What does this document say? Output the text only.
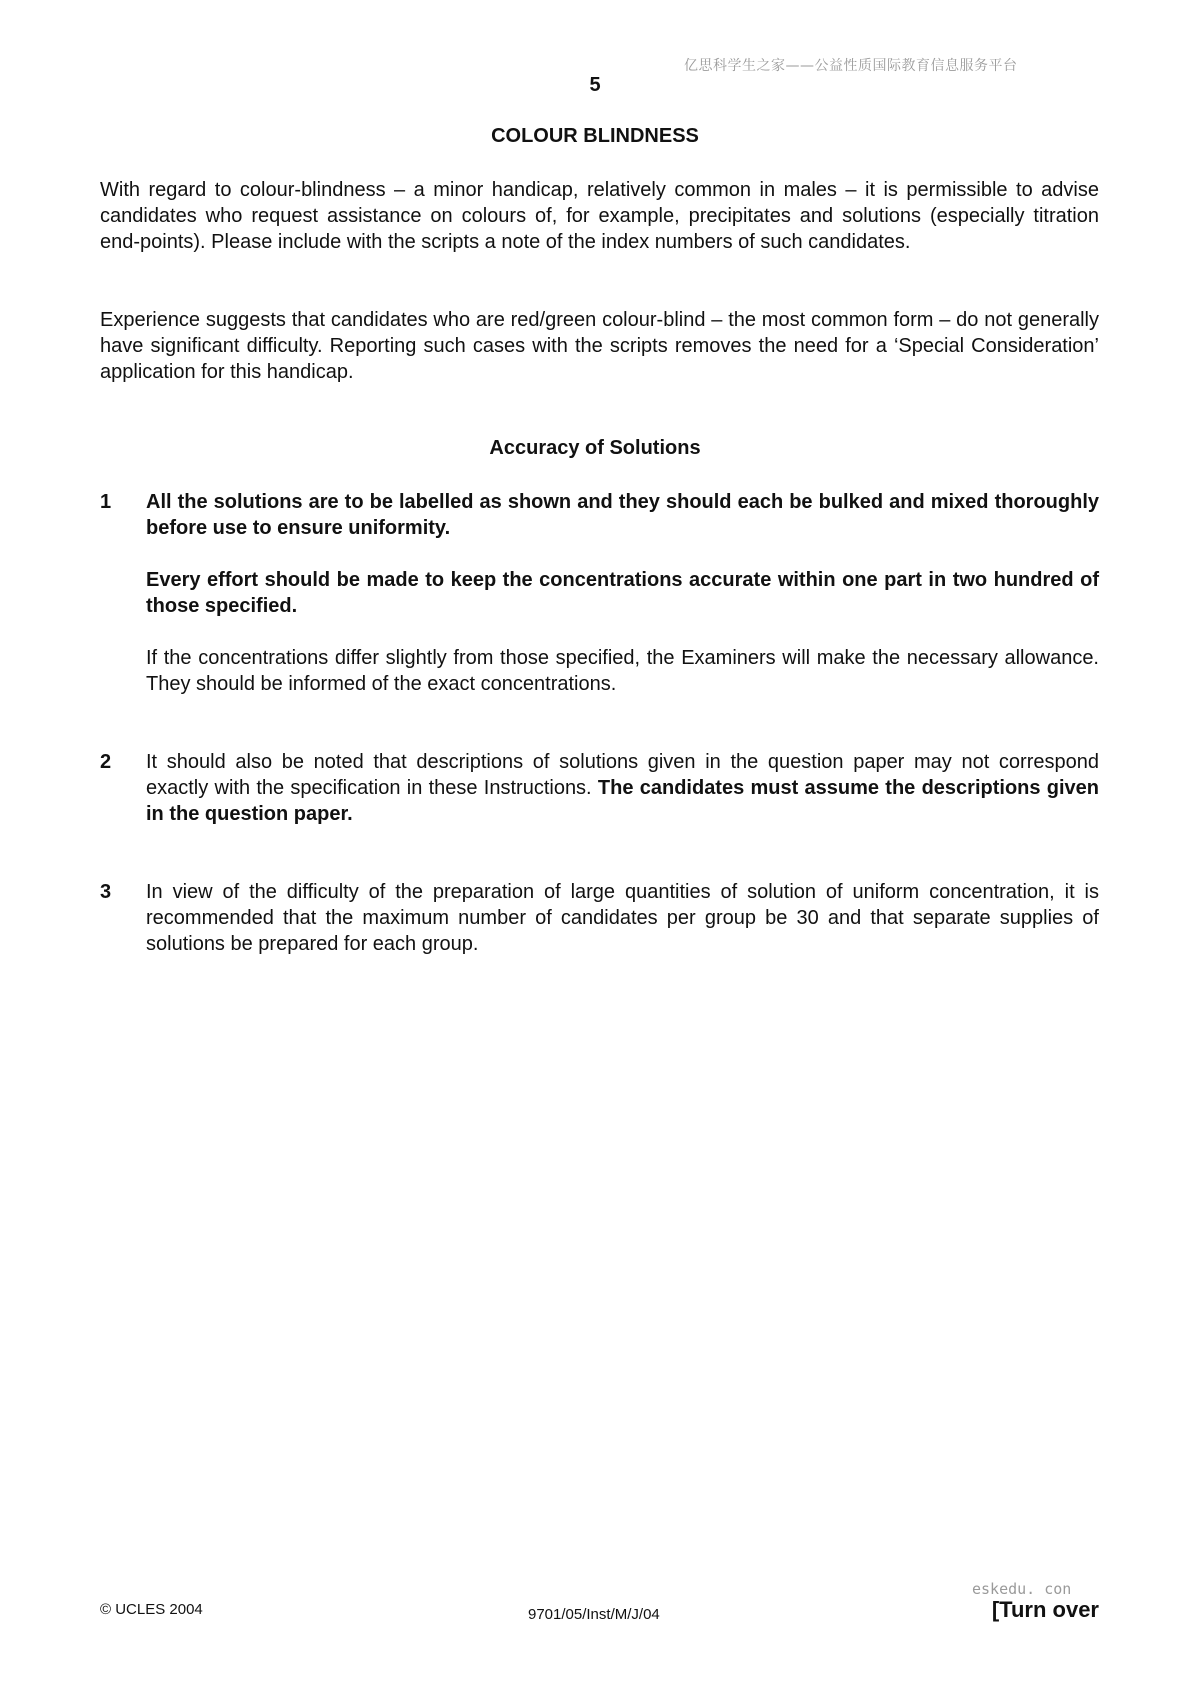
亿思科学生之家——公益性质国际教育信息服务平台
5
COLOUR BLINDNESS
With regard to colour-blindness – a minor handicap, relatively common in males – it is permissible to advise candidates who request assistance on colours of, for example, precipitates and solutions (especially titration end-points). Please include with the scripts a note of the index numbers of such candidates.
Experience suggests that candidates who are red/green colour-blind – the most common form – do not generally have significant difficulty. Reporting such cases with the scripts removes the need for a ‘Special Consideration’ application for this handicap.
Accuracy of Solutions
1 All the solutions are to be labelled as shown and they should each be bulked and mixed thoroughly before use to ensure uniformity.
Every effort should be made to keep the concentrations accurate within one part in two hundred of those specified.
If the concentrations differ slightly from those specified, the Examiners will make the necessary allowance. They should be informed of the exact concentrations.
2 It should also be noted that descriptions of solutions given in the question paper may not correspond exactly with the specification in these Instructions. The candidates must assume the descriptions given in the question paper.
3 In view of the difficulty of the preparation of large quantities of solution of uniform concentration, it is recommended that the maximum number of candidates per group be 30 and that separate supplies of solutions be prepared for each group.
eskedu. con
© UCLES 2004	9701/05/Inst/M/J/04	[Turn over
